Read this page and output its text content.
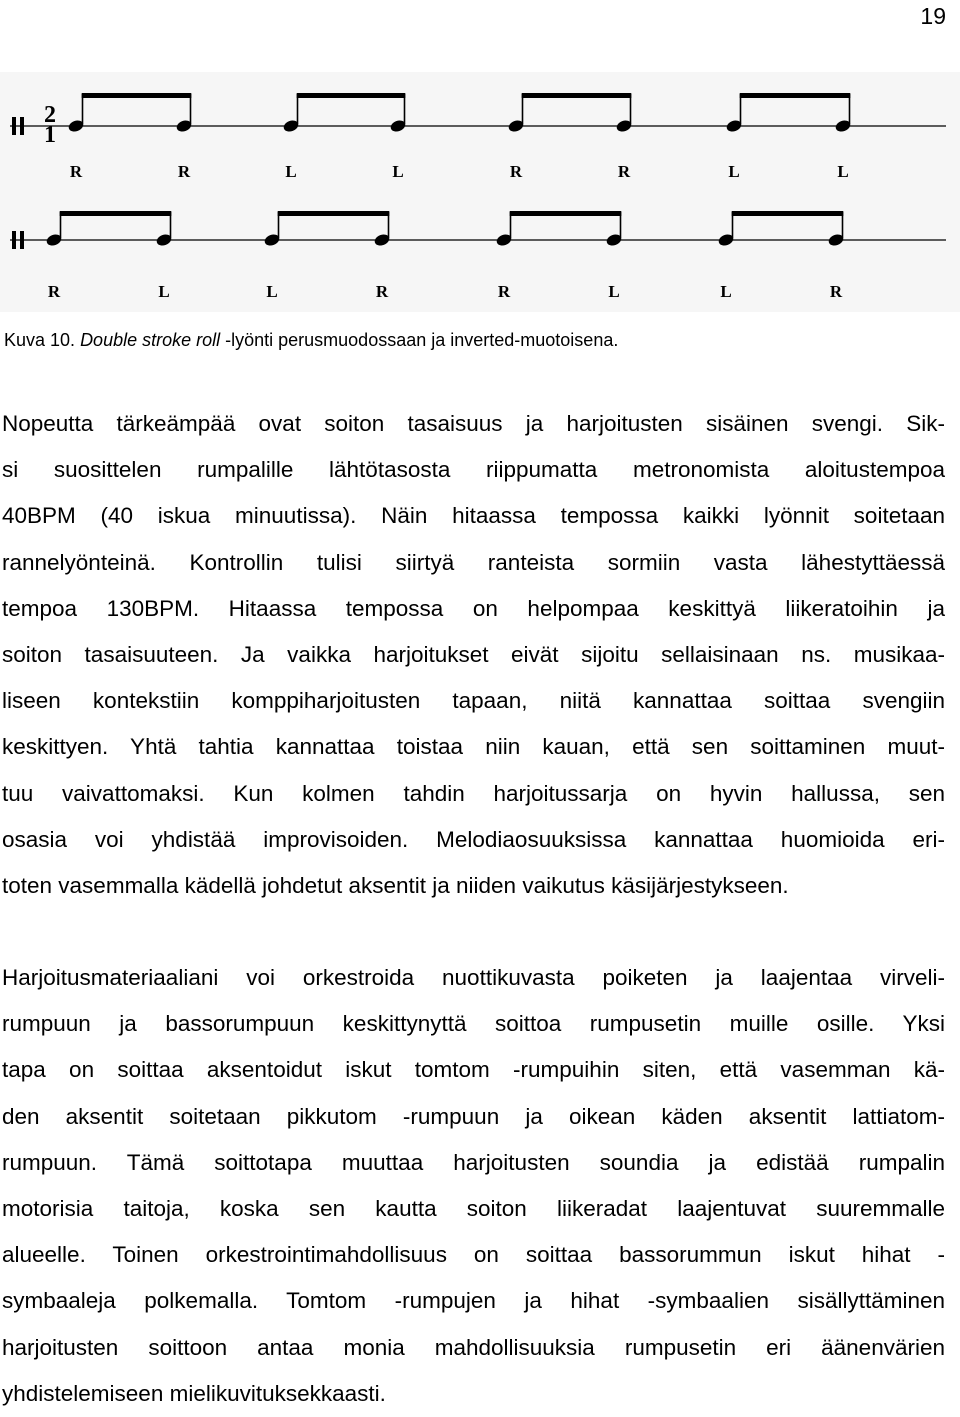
19
2
1
R	R	L	L	R	R	L	L
R	L	L	R	R	L	L	R
Kuva 10. Double stroke roll -lyönti perusmuodossaan ja inverted-muotoisena.

Nopeutta tärkeämpää ovat soiton tasaisuus ja harjoitusten sisäinen svengi. Sik-
si suosittelen rumpalille lähtötasosta riippumatta metronomista aloitustempoa
40BPM (40 iskua minuutissa). Näin hitaassa tempossa kaikki lyönnit soitetaan
rannelyönteinä. Kontrollin tulisi siirtyä ranteista sormiin vasta lähestyttäessä
tempoa 130BPM. Hitaassa tempossa on helpompaa keskittyä liikeratoihin ja
soiton tasaisuuteen. Ja vaikka harjoitukset eivät sijoitu sellaisinaan ns. musikaa-
liseen kontekstiin komppiharjoitusten tapaan, niitä kannattaa soittaa svengiin
keskittyen. Yhtä tahtia kannattaa toistaa niin kauan, että sen soittaminen muut-
tuu vaivattomaksi. Kun kolmen tahdin harjoitussarja on hyvin hallussa, sen
osasia voi yhdistää improvisoiden. Melodiaosuuksissa kannattaa huomioida eri-
toten vasemmalla kädellä johdetut aksentit ja niiden vaikutus käsijärjestykseen.

Harjoitusmateriaaliani voi orkestroida nuottikuvasta poiketen ja laajentaa virveli-
rumpuun ja bassorumpuun keskittynyttä soittoa rumpusetin muille osille. Yksi
tapa on soittaa aksentoidut iskut tomtom -rumpuihin siten, että vasemman kä-
den aksentit soitetaan pikkutom -rumpuun ja oikean käden aksentit lattiatom-
rumpuun. Tämä soittotapa muuttaa harjoitusten soundia ja edistää rumpalin
motorisia taitoja, koska sen kautta soiton liikeradat laajentuvat suuremmalle
alueelle. Toinen orkestrointimahdollisuus on soittaa bassorummun iskut hihat -
symbaaleja polkemalla. Tomtom -rumpujen ja hihat -symbaalien sisällyttäminen
harjoitusten soittoon antaa monia mahdollisuuksia rumpusetin eri äänenvärien
yhdistelemiseen mielikuvituksekkaasti.
